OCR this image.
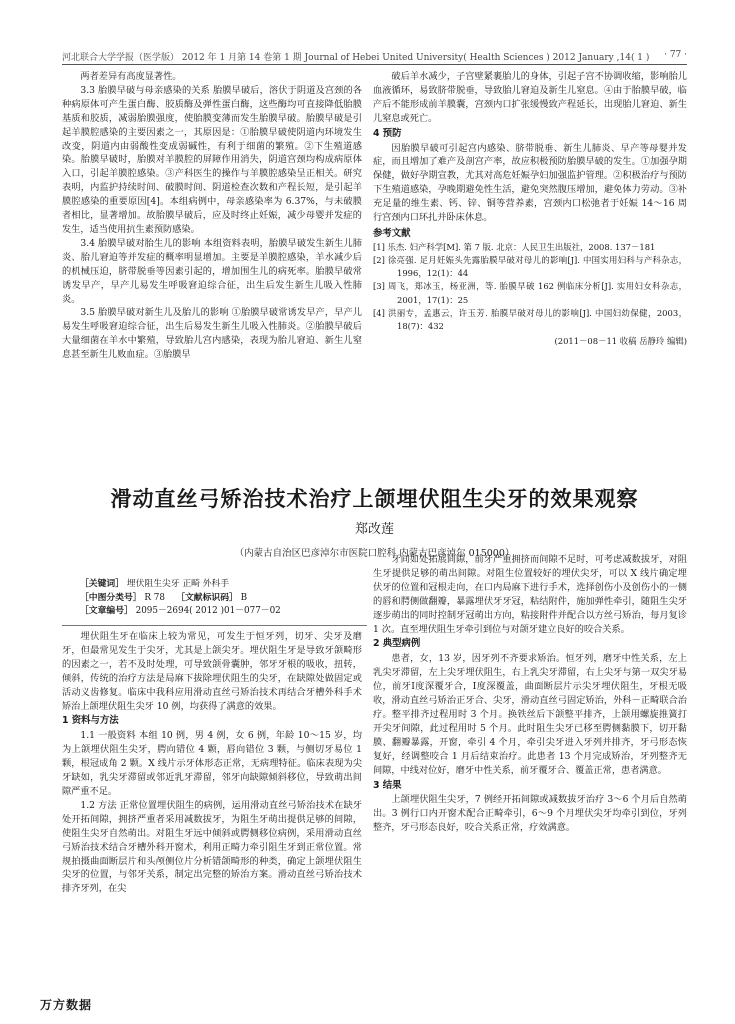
河北联合大学学报（医学版） 2012 年 1 月第 14 卷第 1 期 Journal of Hebei United University( Health Sciences ) 2012 January ,14( 1 ) · 77 ·

两者差异有高度显著性。

3.3 胎膜早破与母亲感染的关系 胎膜早破后，溶伏于阴道及宫颈的各种病原体可产生蛋白酶、胶质酶及弹性蛋白酶，这些酶均可直接降低胎膜基质和胶质，减弱胎膜强度，使胎膜变薄而发生胎膜早破。胎膜早破是引起羊膜腔感染的主要因素之一，其原因是：①胎膜早破使阴道内环境发生改变，阴道内由弱酸性变成弱碱性，有利于细菌的繁殖。②下生殖道感染。胎膜早破时，胎膜对羊膜腔的屏障作用消失，阴道宫颈均构成病原体入口，引起羊膜腔感染。③产科医生的操作与羊膜腔感染呈正相关。研究表明，内监护持续时间、破膜时间、阴道检查次数和产程长短，是引起羊膜腔感染的重要原因[4]。本组病例中，母亲感染率为 6.37%，与未破膜者相比，显著增加。故胎膜早破后，应及时终止妊娠，减少母婴并发症的发生，适当使用抗生素预防感染。

3.4 胎膜早破对胎生儿的影响 本组资料表明，胎膜早破发生新生儿肺炎、胎儿窘迫等并发症的概率明显增加。主要是羊膜腔感染，羊水减少后的机械压迫，脐带脱垂等因素引起的，增加围生儿的病死率。胎膜早破常诱发早产，早产儿易发生呼吸窘迫综合征，出生后发生新生儿吸入性肺炎。

3.5 胎膜早破对新生儿及胎儿的影响 ①胎膜早破常诱发早产，早产儿易发生呼吸窘迫综合征，出生后易发生新生儿吸入性肺炎。②胎膜早破后大量细菌在羊水中繁殖，导致胎儿宫内感染，表现为胎儿窘迫、新生儿窒息甚至新生儿败血症。③胎膜早

破后羊水减少，子宫壁紧裹胎儿的身体，引起子宫不协调收缩，影响胎儿血液循环，易致脐带脱垂，导致胎儿窘迫及新生儿窒息。④由于胎膜早破，临产后不能形成前羊膜囊，宫颈内口扩张缓慢致产程延长，出现胎儿窘迫、新生儿窒息或死亡。

4 预防

因胎膜早破可引起宫内感染、脐带脱垂、新生儿肺炎、早产等母婴并发症，而且增加了难产及剖宫产率，故应积极预防胎膜早破的发生。①加强孕期保健，做好孕期宣教，尤其对高危妊娠孕妇加强监护管理。②积极治疗与预防下生殖道感染，孕晚期避免性生活，避免突然腹压增加，避免体力劳动。③补充足量的维生素、钙、锌、铜等营养素，宫颈内口松弛者于妊娠 14～16 周行宫颈内口环扎并卧床休息。

参考文献
[1] 乐杰. 妇产科学[M]. 第 7 版. 北京：人民卫生出版社，2008. 137－181
[2] 徐亮强. 足月妊娠头先露胎膜早破对母儿的影响[J]. 中国实用妇科与产科杂志，1996，12(1)：44
[3] 周飞，郑冰玉，杨亚洲，等. 胎膜早破 162 例临床分析[J]. 实用妇女科杂志，2001，17(1)：25
[4] 洪丽专，孟惠云，许玉芳. 胎膜早破对母儿的影响[J]. 中国妇幼保健，2003，18(7)：432
(2011－08－11 收稿 岳静玲 编辑)
滑动直丝弓矫治技术治疗上颌埋伏阻生尖牙的效果观察
郑改莲
（内蒙古自治区巴彦淖尔市医院口腔科 内蒙古巴彦淖尔 015000）
［关键词］ 埋伏阻生尖牙 正畸 外科手
［中图分类号］ R 78 ［文献标识码］ B
［文章编号］ 2095－2694( 2012 )01－077－02

埋伏阻生牙在临床上较为常见，可发生于恒牙列，切牙、尖牙及磨牙，但最常见发生于尖牙，尤其是上颌尖牙。埋伏阻生牙是导致牙颌畸形的因素之一，若不及时处理，可导致颌骨囊肿，邻牙牙根的吸收，扭转，倾斜，传统的治疗方法是局麻下拔除埋伏阻生的尖牙，在缺隙处做固定或活动义齿修复。临床中我科应用滑动直丝弓矫治技术再结合牙槽外科手术矫治上颌埋伏阻生尖牙 10 例，均获得了满意的效果。

1 资料与方法

1.1 一般资料 本组 10 例，男 4 例，女 6 例，年龄 10～15 岁，均为上颌埋伏阻生尖牙，腭向错位 4 颗，唇向错位 3 颗，与侧切牙易位 1 颗，根冠成角 2 颗。X 线片示牙体形态正常，无病理特征。临床表现为尖牙缺如，乳尖牙滞留或邻近乳牙滞留，邻牙向缺隙倾斜移位，导致萌出间隙严重不足。

1.2 方法 正常位置埋伏阻生的病例，运用滑动直丝弓矫治技术在缺牙处开拓间隙，拥挤严重者采用减数拔牙，为阻生牙萌出提供足够的间隙，使阻生尖牙自然萌出。对阻生牙远中倾斜或腭侧移位病例，采用滑动直丝弓矫治技术结合牙槽外科开窗术，利用正畸力牵引阻生牙到正常位置。常规拍摄曲面断层片和头颅侧位片分析错颌畸形的种类，确定上颌埋伏阻生尖牙的位置，与邻牙关系，制定出完整的矫治方案。滑动直丝弓矫治技术排齐牙列，在尖

牙间如处拓展间隙，前牙严重拥挤而间隙不足时，可考虑减数拔牙，对阻生牙提供足够的萌出间隙。对阻生位置较好的埋伏尖牙，可以 X 线片确定埋伏牙的位置和冠根走向，在口内局麻下进行手术，选择创伤小及创伤小的一侧的唇和腭侧做翻瓣，暴露埋伏牙牙冠，粘结附件，施加弹性牵引，随阻生尖牙逐步萌出的同时控制牙冠萌出方向，粘接附件并配合以方丝弓矫治，每月复诊 1 次。直至埋伏阻生牙牵引到位与对颌牙建立良好的咬合关系。

2 典型病例

患者，女，13 岁，因牙列不齐要求矫治。恒牙列，磨牙中性关系，左上乳尖牙滞留，左上尖牙埋伏阻生，右上乳尖牙滞留，右上尖牙与第一双尖牙易位，前牙Ⅰ度深覆牙合，Ⅰ度深覆盖，曲面断层片示尖牙埋伏阻生，牙根无吸收，滑动直丝弓矫治正牙合、尖牙，滑动直丝弓固定矫治，外科－正畸联合治疗。整平排齐过程用时 3 个月。换铁丝后下颌整平排齐，上颌用螺旋推簧打开尖牙间隙，此过程用时 5 个月。此时阻生尖牙已移至腭侧黏膜下，切开黏膜、翻瓣暴露，开窗，牵引 4 个月，牵引尖牙进入牙列并排齐，牙弓形态恢复好，经调整咬合 1 月后结束治疗。此患者 13 个月完成矫治，牙列整齐无间隙，中线对位好，磨牙中性关系，前牙覆牙合、覆盖正常，患者满意。

3 结果

上颌埋伏阻生尖牙，7 例经开拓间隙或减数拔牙治疗 3～6 个月后自然萌出。3 例行口内开窗术配合正畸牵引，6～9 个月埋伏尖牙均牵引到位，牙列整齐，牙弓形态良好，咬合关系正常，疗效满意。

万方数据
